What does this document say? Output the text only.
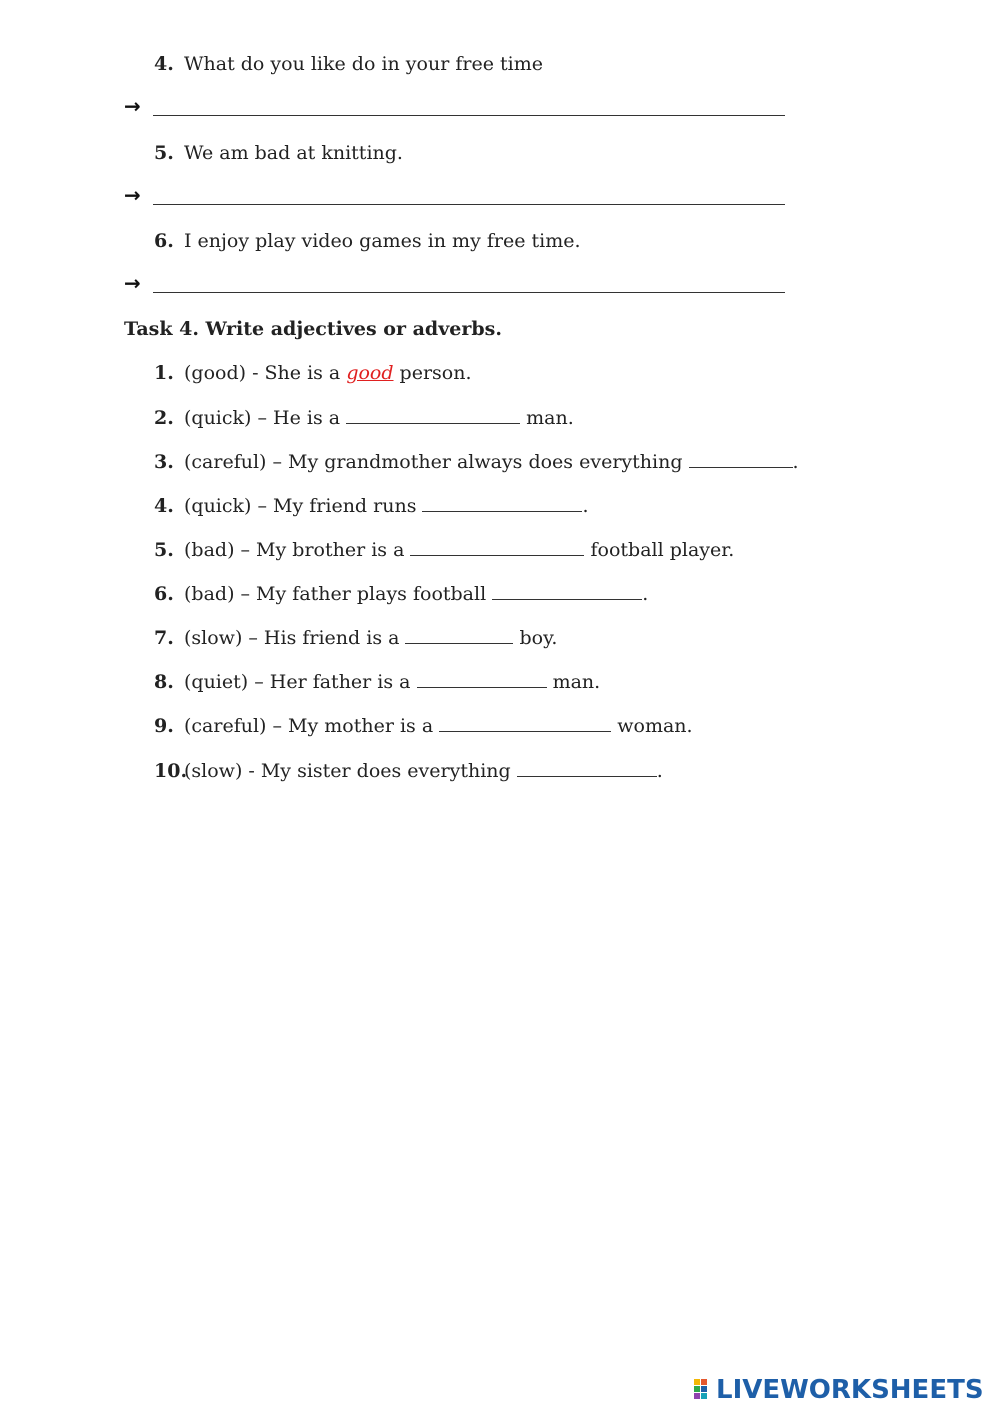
4. What do you like do in your free time
→
5. We am bad at knitting.
→
6. I enjoy play video games in my free time.
→
Task 4. Write adjectives or adverbs.
1. (good) - She is a good person.
2. (quick) – He is a	man.
3. (careful) – My grandmother always does everything	.
4. (quick) – My friend runs	.
5. (bad) – My brother is a	football player.
6. (bad) – My father plays football	.
7. (slow) – His friend is a	boy.
8. (quiet) – Her father is a	man.
9. (careful) – My mother is a	woman.
10.(slow) - My sister does everything	.
LIVEWORKSHEETS
